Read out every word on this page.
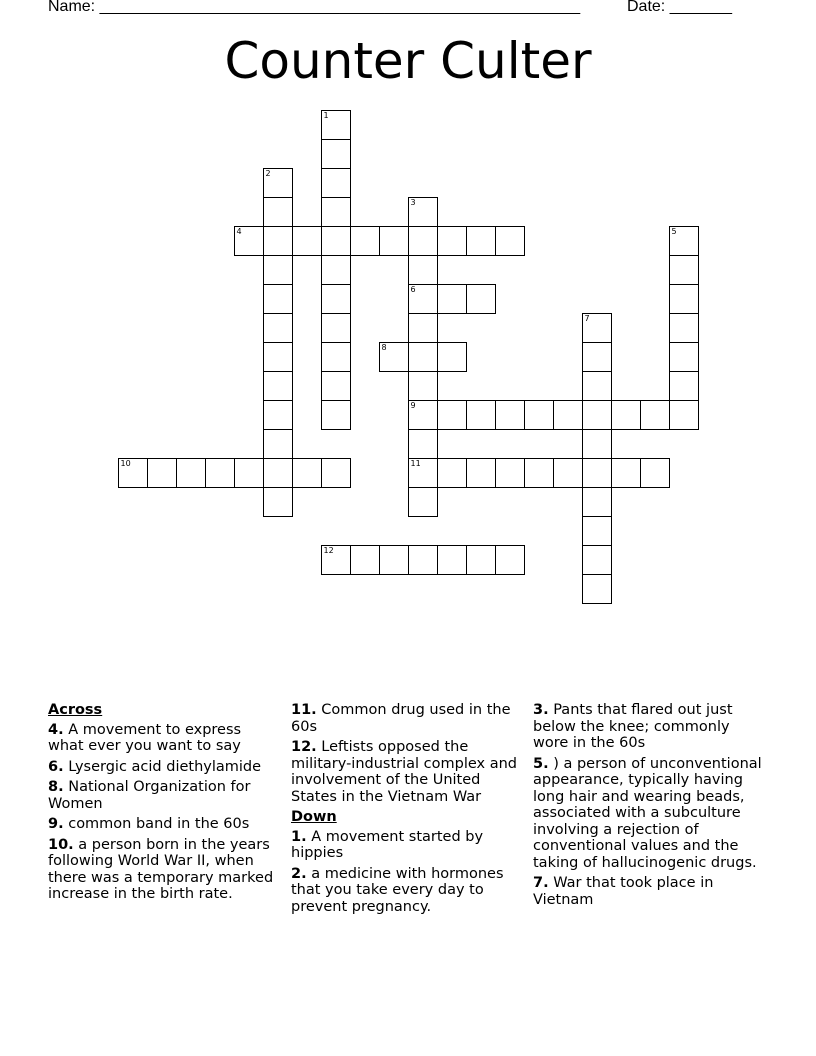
Name: ______________________________________________________	Date: _______
Counter Culter
1
2
3
6
9
11
4	5
7
8
10
12
Across
4. A movement to express what ever you want to say
6. Lysergic acid diethylamide
8. National Organization for Women
9. common band in the 60s
10. a person born in the years following World War II, when there was a temporary marked increase in the birth rate.
11. Common drug used in the 60s
12. Leftists opposed the military-industrial complex and involvement of the United States in the Vietnam War
Down
1. A movement started by hippies
2. a medicine with hormones that you take every day to prevent pregnancy.
3. Pants that flared out just below the knee; commonly wore in the 60s
5. ) a person of unconventional appearance, typically having long hair and wearing beads, associated with a subculture involving a rejection of conventional values and the taking of hallucinogenic drugs.
7. War that took place in Vietnam
